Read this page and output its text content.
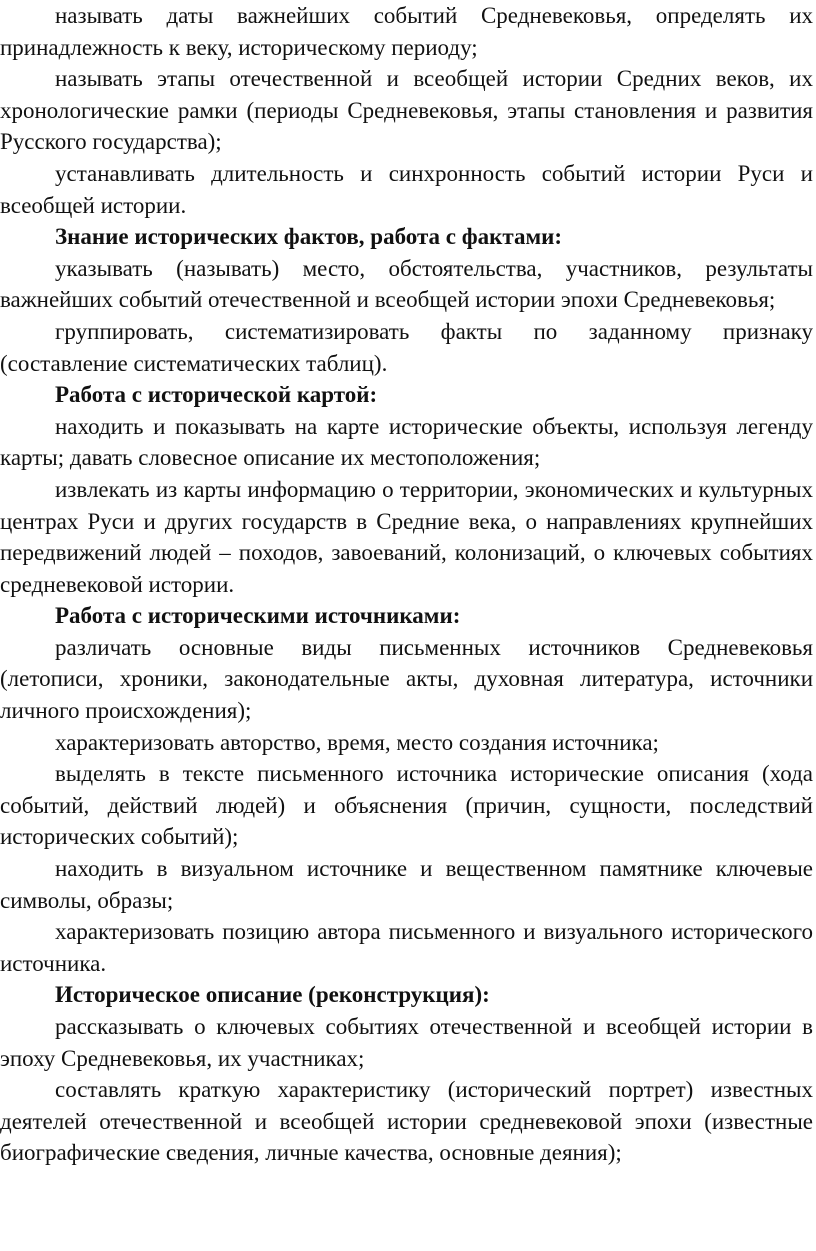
называть даты важнейших событий Средневековья, определять их принадлежность к веку, историческому периоду;

называть этапы отечественной и всеобщей истории Средних веков, их хронологические рамки (периоды Средневековья, этапы становления и развития Русского государства);

устанавливать длительность и синхронность событий истории Руси и всеобщей истории.

Знание исторических фактов, работа с фактами:

указывать (называть) место, обстоятельства, участников, результаты важнейших событий отечественной и всеобщей истории эпохи Средневековья;

группировать, систематизировать факты по заданному признаку (составление систематических таблиц).

Работа с исторической картой:

находить и показывать на карте исторические объекты, используя легенду карты; давать словесное описание их местоположения;

извлекать из карты информацию о территории, экономических и культурных центрах Руси и других государств в Средние века, о направлениях крупнейших передвижений людей – походов, завоеваний, колонизаций, о ключевых событиях средневековой истории.

Работа с историческими источниками:

различать основные виды письменных источников Средневековья (летописи, хроники, законодательные акты, духовная литература, источники личного происхождения);

характеризовать авторство, время, место создания источника;

выделять в тексте письменного источника исторические описания (хода событий, действий людей) и объяснения (причин, сущности, последствий исторических событий);

находить в визуальном источнике и вещественном памятнике ключевые символы, образы;

характеризовать позицию автора письменного и визуального исторического источника.

Историческое описание (реконструкция):

рассказывать о ключевых событиях отечественной и всеобщей истории в эпоху Средневековья, их участниках;

составлять краткую характеристику (исторический портрет) известных деятелей отечественной и всеобщей истории средневековой эпохи (известные биографические сведения, личные качества, основные деяния);
